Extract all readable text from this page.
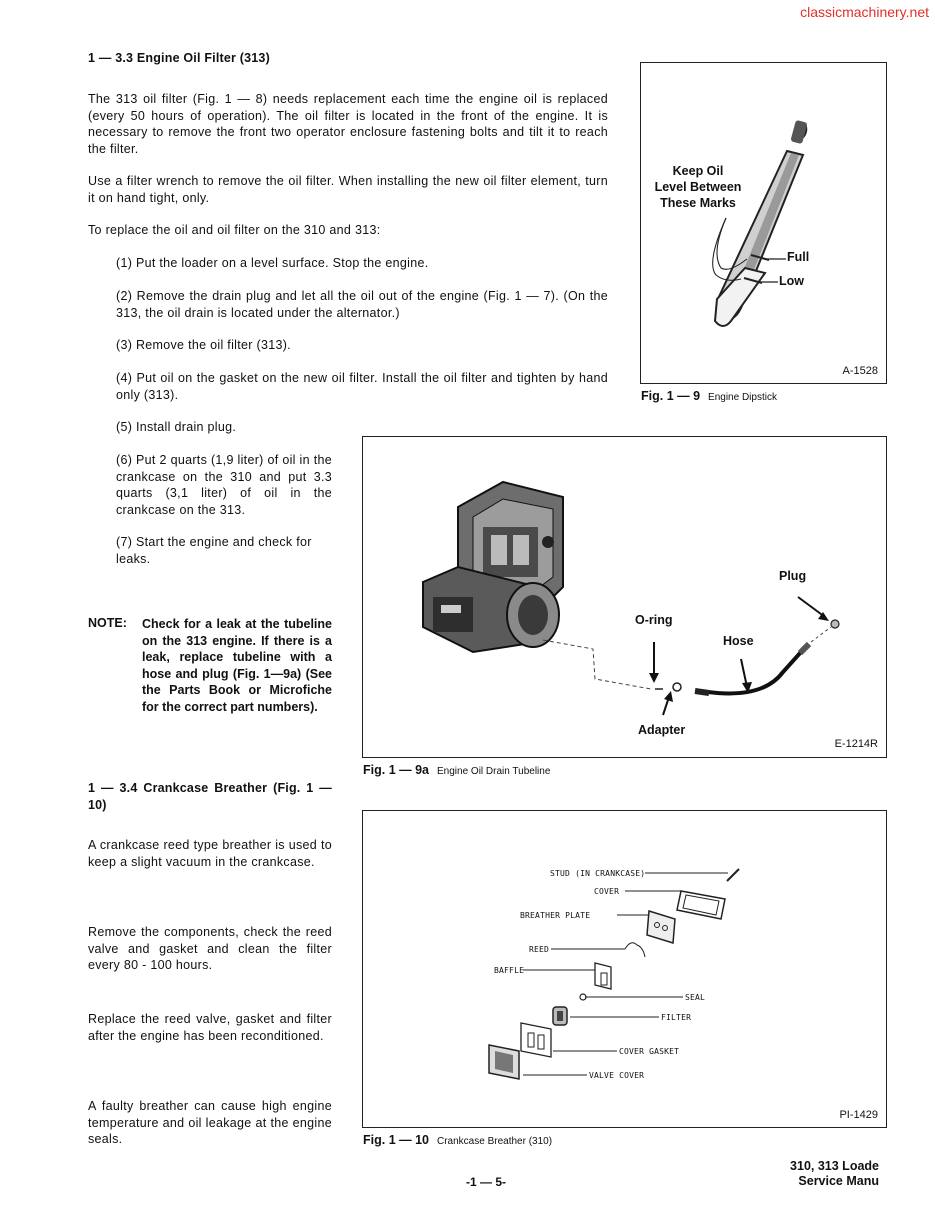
classicmachinery.net
1 — 3.3 Engine Oil Filter (313)
The 313 oil filter (Fig. 1 — 8) needs replacement each time the engine oil is replaced (every 50 hours of operation). The oil filter is located in the front of the engine. It is necessary to remove the front two operator enclosure fastening bolts and tilt it to reach the filter.
Use a filter wrench to remove the oil filter. When installing the new oil filter element, turn it on hand tight, only.
To replace the oil and oil filter on the 310 and 313:
(1) Put the loader on a level surface. Stop the engine.
(2) Remove the drain plug and let all the oil out of the engine (Fig. 1 — 7). (On the 313, the oil drain is located under the alternator.)
(3) Remove the oil filter (313).
(4) Put oil on the gasket on the new oil filter. Install the oil filter and tighten by hand only (313).
(5) Install drain plug.
(6) Put 2 quarts (1,9 liter) of oil in the crankcase on the 310 and put 3.3 quarts (3,1 liter) of oil in the crankcase on the 313.
(7) Start the engine and check for leaks.
NOTE: Check for a leak at the tubeline on the 313 engine. If there is a leak, replace tubeline with a hose and plug (Fig. 1—9a) (See the Parts Book or Microfiche for the correct part numbers).
1 — 3.4 Crankcase Breather (Fig. 1 — 10)
A crankcase reed type breather is used to keep a slight vacuum in the crankcase.
Remove the components, check the reed valve and gasket and clean the filter every 80 - 100 hours.
Replace the reed valve, gasket and filter after the engine has been reconditioned.
A faulty breather can cause high engine temperature and oil leakage at the engine seals.
Keep Oil
Level Between
These Marks
Full
Low
A-1528
Fig. 1 — 9 Engine Dipstick
Plug
O-ring
Hose
Adapter
E-1214R
Fig. 1 — 9a Engine Oil Drain Tubeline
STUD (IN CRANKCASE)
COVER
BREATHER PLATE
REED
BAFFLE
SEAL
FILTER
COVER GASKET
VALVE COVER
PI-1429
Fig. 1 — 10 Crankcase Breather (310)
-1 — 5-
310, 313 Loade
Service Manu
